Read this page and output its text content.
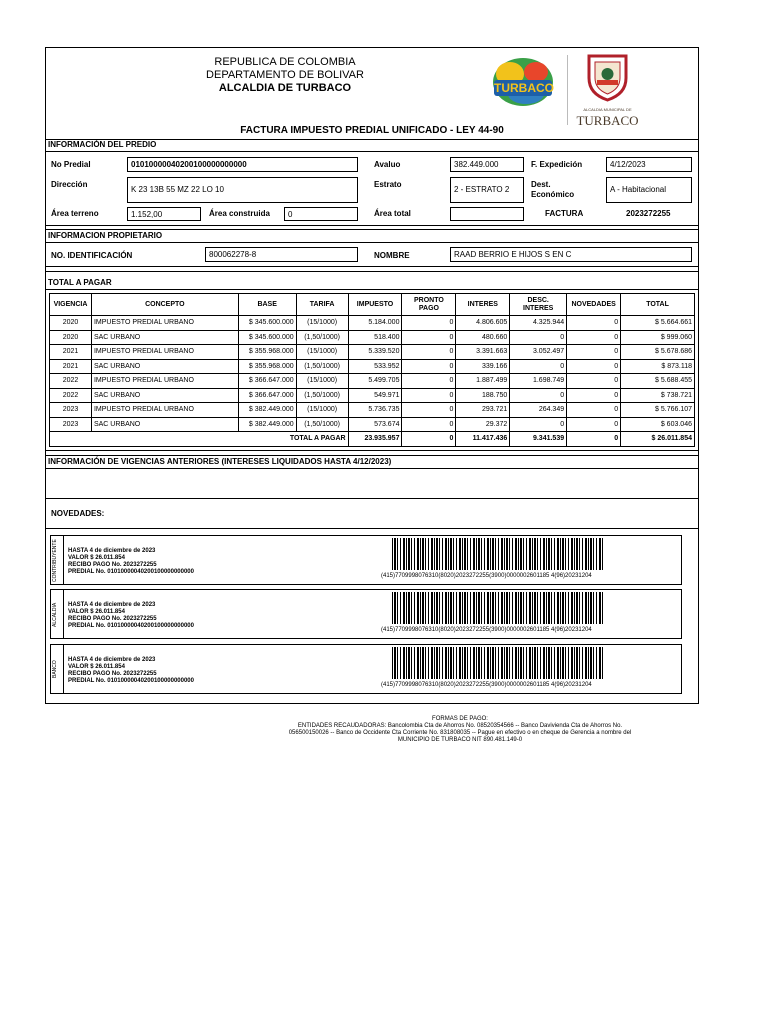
REPUBLICA DE COLOMBIA
DEPARTAMENTO DE BOLIVAR
ALCALDIA DE TURBACO	TURBACO
ALCALDIA MUNICIPAL DE
TURBACO
FACTURA IMPUESTO PREDIAL UNIFICADO - LEY 44-90
INFORMACIÓN DEL PREDIO
No Predial	01010000040200100000000000	Avaluo	382.449.000	F. Expedición	4/12/2023
Dirección
K 23 13B 55 MZ 22 LO 10
Estrato
2 - ESTRATO 2
Dest. Económico
A - Habitacional
Área terreno	1.152,00	Área construida	0	Área total	FACTURA	2023272255
INFORMACION PROPIETARIO
NO. IDENTIFICACIÓN	800062278-8	NOMBRE	RAAD BERRIO E HIJOS S EN C
TOTAL A PAGAR
VIGENCIA	CONCEPTO	BASE	TARIFA	IMPUESTO	PRONTO PAGO	INTERES	DESC. INTERES	NOVEDADES	TOTAL
2020	IMPUESTO PREDIAL URBANO	$ 345.600.000	(15/1000)	5.184.000	0	4.806.605	4.325.944	0	$ 5.664.661
2020	SAC URBANO	$ 345.600.000	(1,50/1000)	518.400	0	480.660	0	0	$ 999.060
2021	IMPUESTO PREDIAL URBANO	$ 355.968.000	(15/1000)	5.339.520	0	3.391.663	3.052.497	0	$ 5.678.686
2021	SAC URBANO	$ 355.968.000	(1,50/1000)	533.952	0	339.166	0	0	$ 873.118
2022	IMPUESTO PREDIAL URBANO	$ 366.647.000	(15/1000)	5.499.705	0	1.887.499	1.698.749	0	$ 5.688.455
2022	SAC URBANO	$ 366.647.000	(1,50/1000)	549.971	0	188.750	0	0	$ 738.721
2023	IMPUESTO PREDIAL URBANO	$ 382.449.000	(15/1000)	5.736.735	0	293.721	264.349	0	$ 5.766.107
2023	SAC URBANO	$ 382.449.000	(1,50/1000)	573.674	0	29.372	0	0	$ 603.046
TOTAL A PAGAR				23.935.957	0	11.417.436	9.341.539	0	$ 26.011.854
INFORMACIÓN DE VIGENCIAS ANTERIORES (INTERESES LIQUIDADOS HASTA 4/12/2023)
NOVEDADES:
CONTRIBUYENTE	HASTA 4 de diciembre de 2023
VALOR $ 26.011.854
RECIBO PAGO No. 2023272255
PREDIAL No. 01010000040200100000000000
(415)7709998076310(8020)2023272255(3900)0000002601185 4(96)20231204
ALCALDIA	HASTA 4 de diciembre de 2023
VALOR $ 26.011.854
RECIBO PAGO No. 2023272255
PREDIAL No. 01010000040200100000000000
(415)7709998076310(8020)2023272255(3900)0000002601185 4(96)20231204
BANCO
HASTA 4 de diciembre de 2023
VALOR $ 26.011.854
RECIBO PAGO No. 2023272255
PREDIAL No. 01010000040200100000000000
(415)7709998076310(8020)2023272255(3900)0000002601185 4(96)20231204
FORMAS DE PAGO:
ENTIDADES RECAUDADORAS: Bancolombia Cta de Ahorros No. 08520354566 -- Banco Davivienda Cta de Ahorros No.
056500150026 -- Banco de Occidente Cta Corriente No. 831808035 -- Pague en efectivo o en cheque de Gerencia a nombre del
MUNICIPIO DE TURBACO NIT 890.481.149-0
